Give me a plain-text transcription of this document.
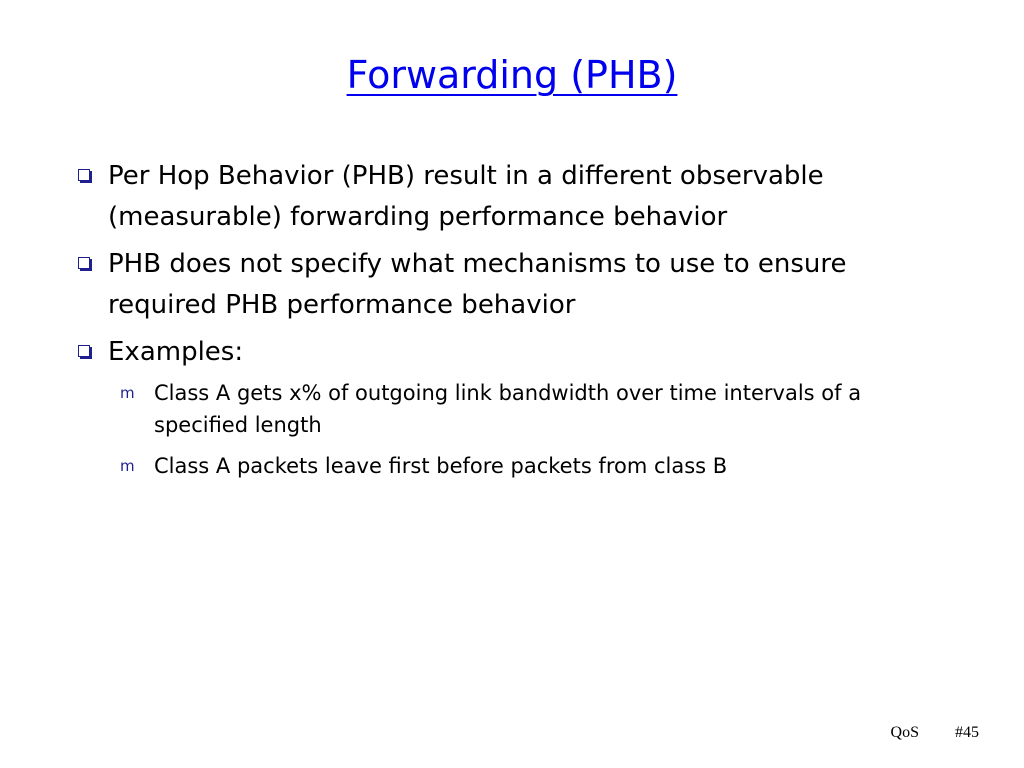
Forwarding (PHB)
Per Hop Behavior (PHB) result in a different observable (measurable) forwarding performance behavior
PHB does not specify what mechanisms to use to ensure required PHB performance behavior
Examples:
m Class A gets x% of outgoing link bandwidth over time intervals of a specified length
m Class A packets leave first before packets from class B
QoS #45
